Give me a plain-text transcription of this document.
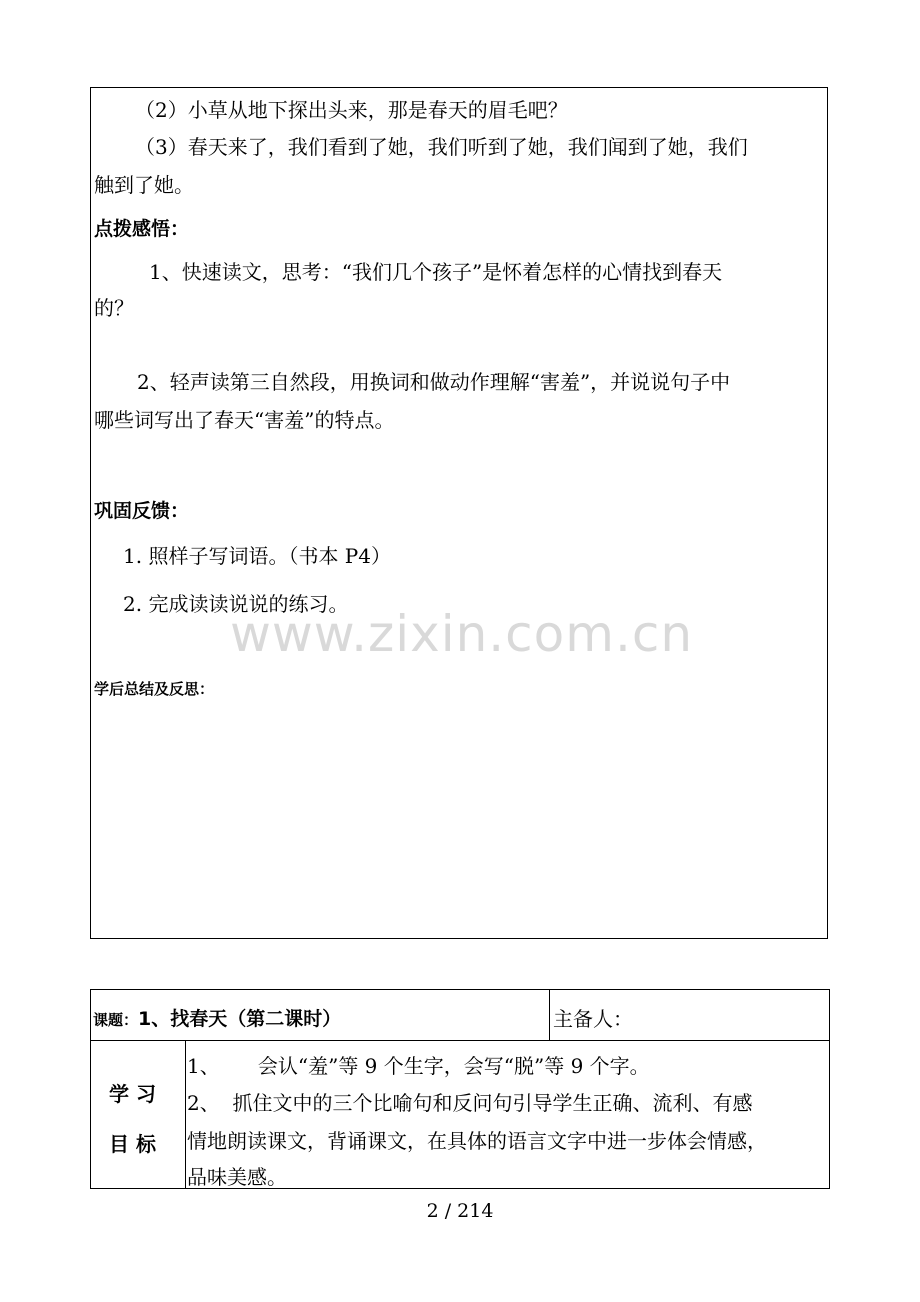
（2）小草从地下探出头来，那是春天的眉毛吧？
（3）春天来了，我们看到了她，我们听到了她，我们闻到了她，我们
触到了她。
点拨感悟：
1、快速读文，思考：“我们几个孩子”是怀着怎样的心情找到春天
的？
2、轻声读第三自然段，用换词和做动作理解“害羞”，并说说句子中
哪些词写出了春天“害羞”的特点。
巩固反馈：
1. 照样子写词语。（书本 P4）
2. 完成读读说说的练习。
学后总结及反思：
www.zixin.com.cn
课题：1、找春天（第二课时）	主备人：
学 习
目 标
1、      会认“羞”等 9 个生字，会写“脱”等 9 个字。
2、  抓住文中的三个比喻句和反问句引导学生正确、流利、有感
情地朗读课文，背诵课文，在具体的语言文字中进一步体会情感，
品味美感。
2 / 214
